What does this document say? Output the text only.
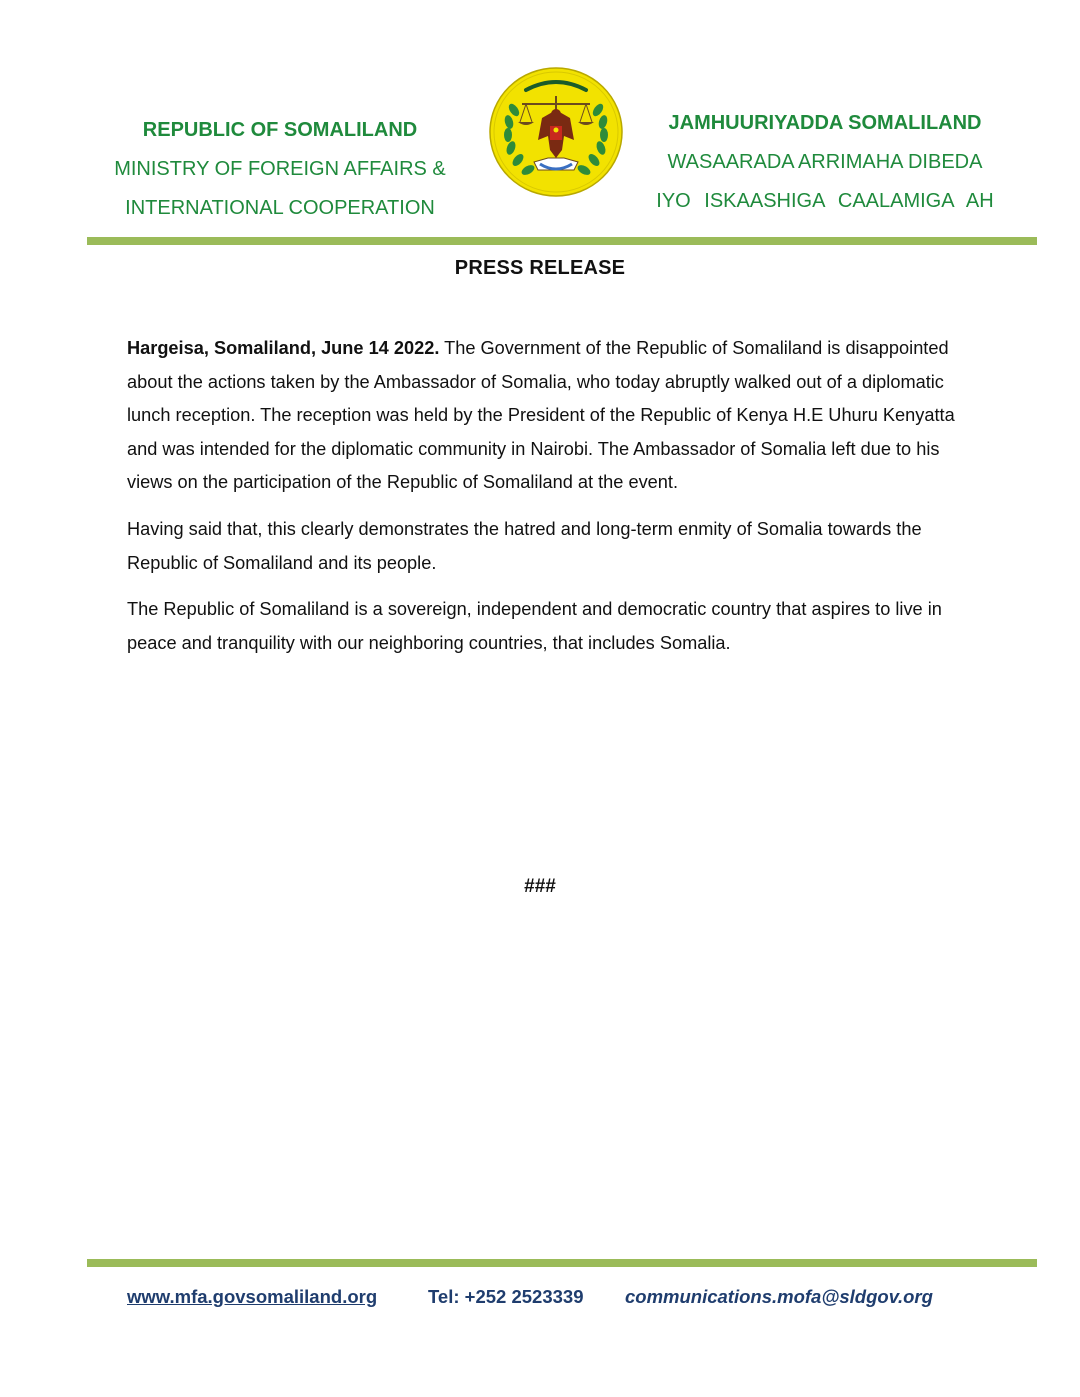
REPUBLIC OF SOMALILAND
MINISTRY OF FOREIGN AFFAIRS &
INTERNATIONAL COOPERATION
JAMHUURIYADDA SOMALILAND
WASAARADA ARRIMAHA DIBEDA
IYO ISKAASHIGA CAALAMIGA AH
PRESS RELEASE

Hargeisa, Somaliland, June 14 2022. The Government of the Republic of Somaliland is disappointed about the actions taken by the Ambassador of Somalia, who today abruptly walked out of a diplomatic lunch reception. The reception was held by the President of the Republic of Kenya H.E Uhuru Kenyatta and was intended for the diplomatic community in Nairobi. The Ambassador of Somalia left due to his views on the participation of the Republic of Somaliland at the event.

Having said that, this clearly demonstrates the hatred and long-term enmity of Somalia towards the Republic of Somaliland and its people.

The Republic of Somaliland is a sovereign, independent and democratic country that aspires to live in peace and tranquility with our neighboring countries, that includes Somalia.

###
www.mfa.govsomaliland.org	Tel: +252 2523339 communications.mofa@sldgov.org
